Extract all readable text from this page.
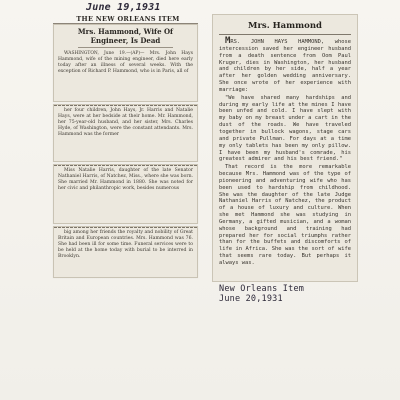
June 19,1931
THE NEW ORLEANS ITEM
Mrs. Hammond, Wife Of Engineer, Is Dead

WASHINGTON, June 19.—(AP)— Mrs. John Hays Hammond, wife of the mining engineer, died here early today after an illness of several weeks. With the exception of Richard P. Hammond, who is in Paris, all of

her four children, John Hays, Jr. Harris and Natalie Hays, were at her bedside at their home. Mr. Hammond, her 75-year-old husband, and her sister, Mrs. Charles Hyde, of Washington, were the constant attendants. Mrs. Hammond was the former

Miss Natalie Harris, daughter of the late Senator Nathaniel Harris, of Natchez, Miss., where she was born. She married Mr. Hammond in 1880. She was noted for her civic and philanthropic work, besides numerous

big among her friends the royalty and nobility of Great Britain and European countries. Mrs. Hammond was 76. She had been ill for some time. Funeral services were to be held at the home today with burial to be interred in Brooklyn.

Mrs. Hammond

MRS. JOHN HAYS HAMMOND, whose intercession saved her engineer husband from a death sentence from Oom Paul Kruger, dies in Washington, her husband and children by her side, half a year after her golden wedding anniversary. She once wrote of her experience with marriage:

"We have shared many hardships and during my early life at the mines I have been unfed and cold. I have slept with my baby on my breast under a cart in the dust of the roads. We have traveled together in bullock wagons, stage cars and private Pullman. For days at a time my only tablets has been my only pillow. I have been my husband's comrade, his greatest admirer and his best friend."

That record is the more remarkable because Mrs. Hammond was of the type of pioneering and adventuring wife who has been used to hardship from childhood. She was the daughter of the late Judge Nathaniel Harris of Natchez, the product of a house of luxury and culture. When she met Hammond she was studying in Germany, a gifted musician, and a woman whose background and training had prepared her for social triumphs rather than for the buffets and discomforts of life in Africa. She was the sort of wife that seems rare today. But perhaps it always was.

New Orleans Item
June 20,1931
